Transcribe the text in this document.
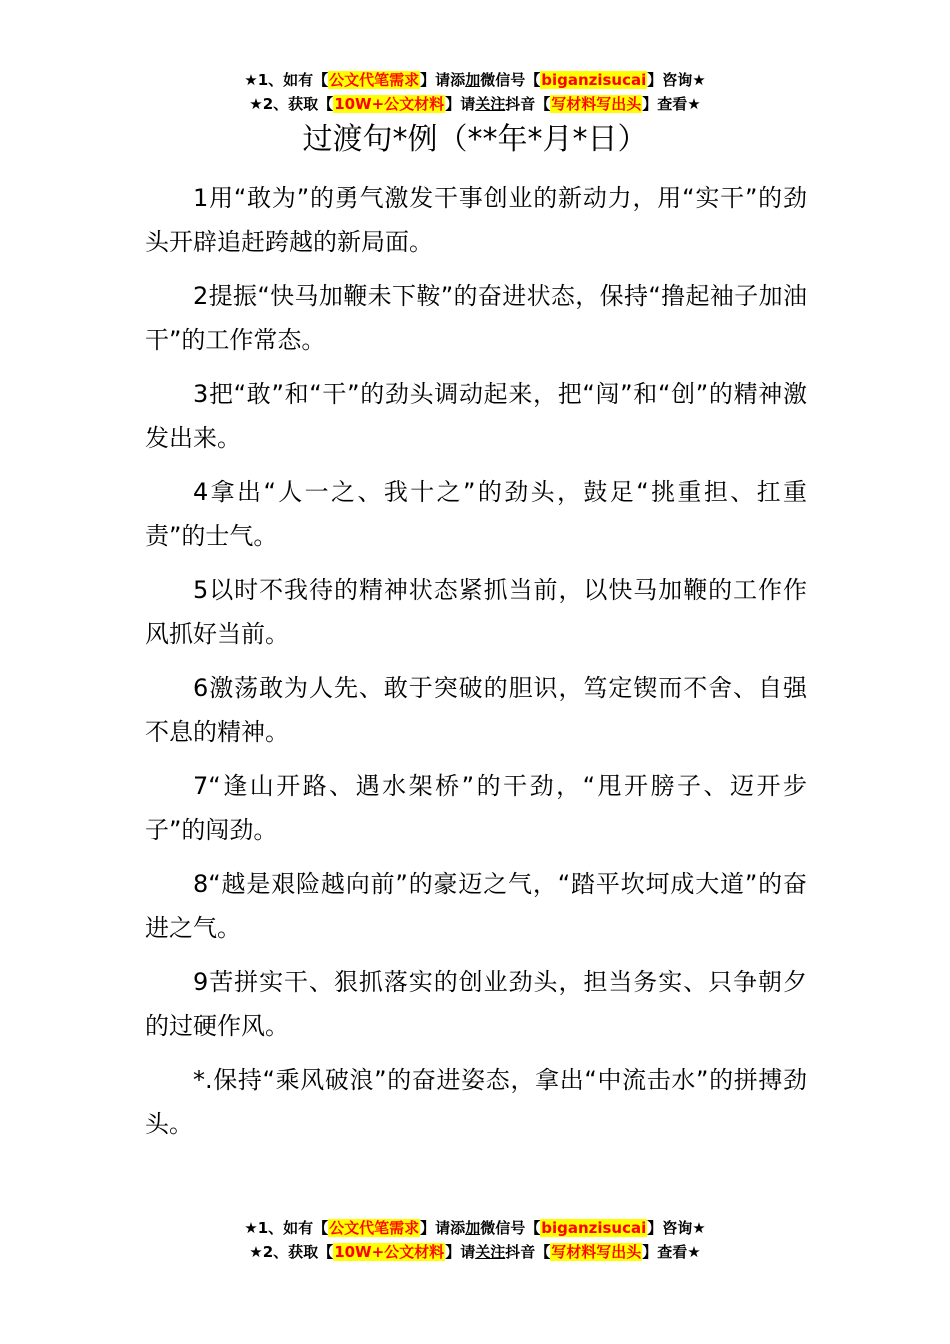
★1、如有【公文代笔需求】请添加微信号【biganzisucai】咨询★
★2、获取【10W+公文材料】请关注抖音【写材料写出头】查看★
过渡句*例（**年*月*日）

1用“敢为”的勇气激发干事创业的新动力，用“实干”的劲头开辟追赶跨越的新局面。

2提振“快马加鞭未下鞍”的奋进状态，保持“撸起袖子加油干”的工作常态。

3把“敢”和“干”的劲头调动起来，把“闯”和“创”的精神激发出来。

4拿出“人一之、我十之”的劲头，鼓足“挑重担、扛重责”的士气。

5以时不我待的精神状态紧抓当前，以快马加鞭的工作作风抓好当前。

6激荡敢为人先、敢于突破的胆识，笃定锲而不舍、自强不息的精神。

7“逢山开路、遇水架桥”的干劲，“甩开膀子、迈开步子”的闯劲。

8“越是艰险越向前”的豪迈之气，“踏平坎坷成大道”的奋进之气。

9苦拼实干、狠抓落实的创业劲头，担当务实、只争朝夕的过硬作风。

*.保持“乘风破浪”的奋进姿态，拿出“中流击水”的拼搏劲头。

★1、如有【公文代笔需求】请添加微信号【biganzisucai】咨询★
★2、获取【10W+公文材料】请关注抖音【写材料写出头】查看★
